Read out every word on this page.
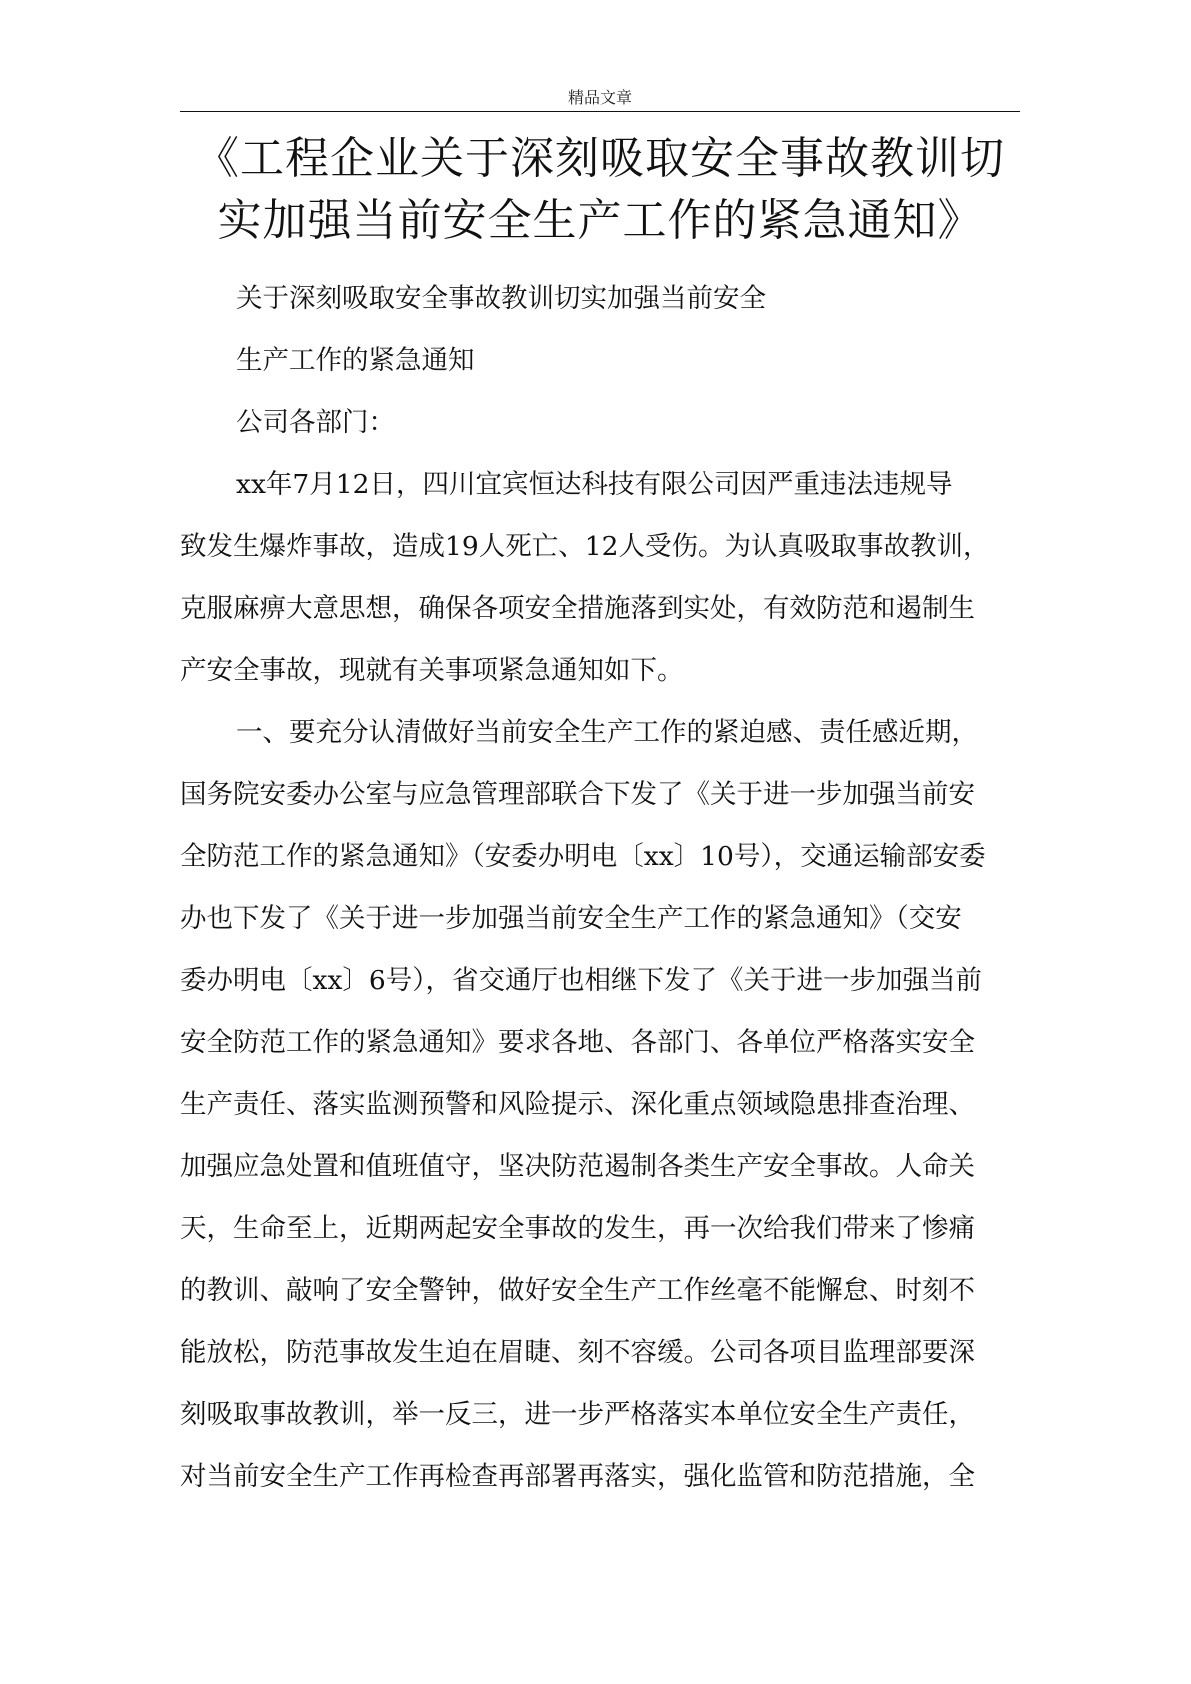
精品文章
《工程企业关于深刻吸取安全事故教训切
实加强当前安全生产工作的紧急通知》
关于深刻吸取安全事故教训切实加强当前安全
生产工作的紧急通知
公司各部门：
xx年7月12日，四川宜宾恒达科技有限公司因严重违法违规导
致发生爆炸事故，造成19人死亡、12人受伤。为认真吸取事故教训，
克服麻痹大意思想，确保各项安全措施落到实处，有效防范和遏制生
产安全事故，现就有关事项紧急通知如下。
一、要充分认清做好当前安全生产工作的紧迫感、责任感近期，
国务院安委办公室与应急管理部联合下发了《关于进一步加强当前安
全防范工作的紧急通知》（安委办明电〔xx〕10号），交通运输部安委
办也下发了《关于进一步加强当前安全生产工作的紧急通知》（交安
委办明电〔xx〕6号），省交通厅也相继下发了《关于进一步加强当前
安全防范工作的紧急通知》要求各地、各部门、各单位严格落实安全
生产责任、落实监测预警和风险提示、深化重点领域隐患排查治理、
加强应急处置和值班值守，坚决防范遏制各类生产安全事故。人命关
天，生命至上，近期两起安全事故的发生，再一次给我们带来了惨痛
的教训、敲响了安全警钟，做好安全生产工作丝毫不能懈怠、时刻不
能放松，防范事故发生迫在眉睫、刻不容缓。公司各项目监理部要深
刻吸取事故教训，举一反三，进一步严格落实本单位安全生产责任，
对当前安全生产工作再检查再部署再落实，强化监管和防范措施，全
